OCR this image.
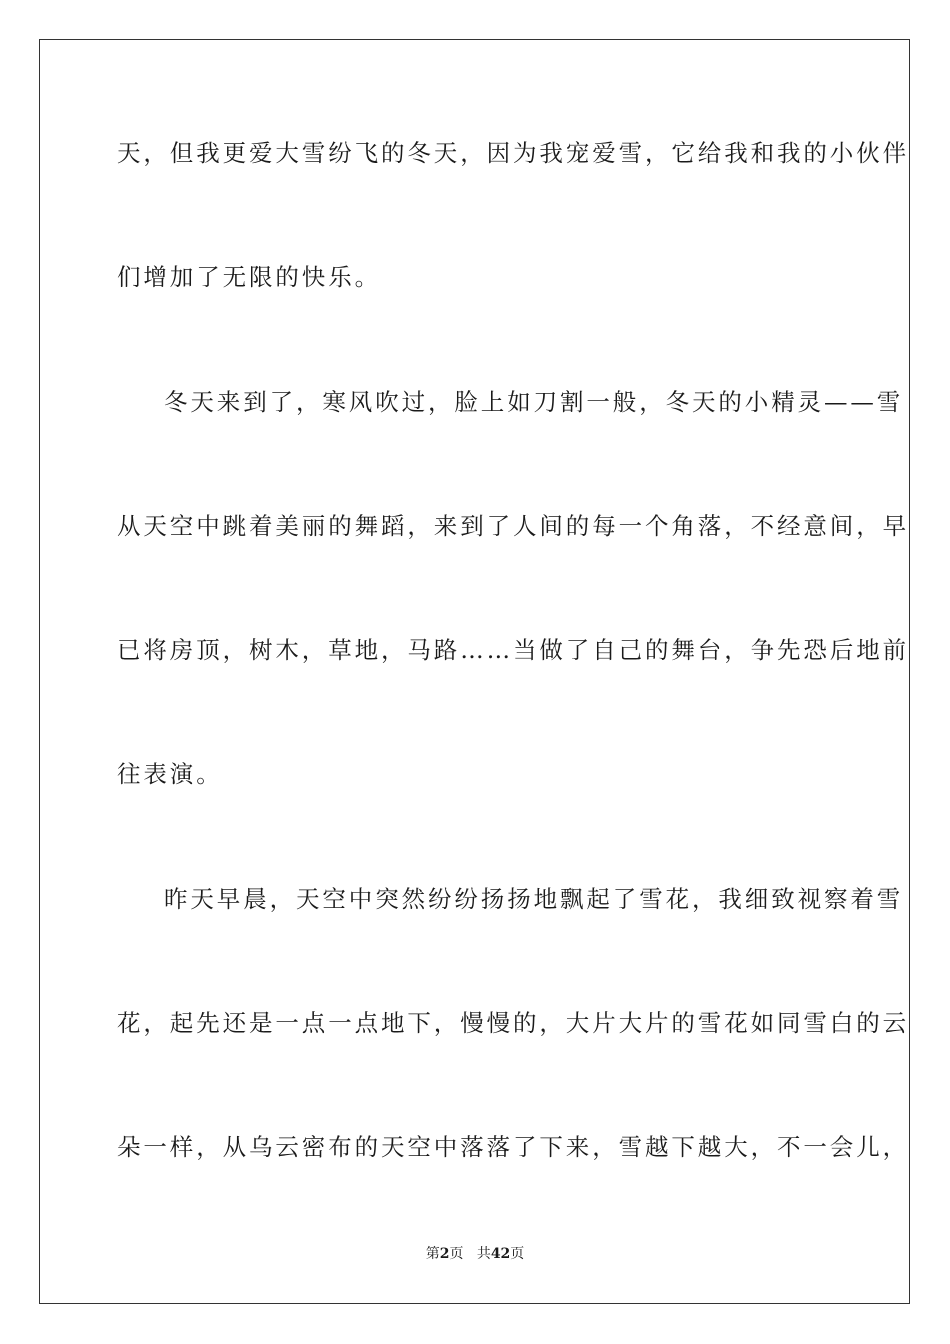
天，但我更爱大雪纷飞的冬天，因为我宠爱雪，它给我和我的小伙伴
们增加了无限的快乐。
冬天来到了，寒风吹过，脸上如刀割一般，冬天的小精灵——雪
从天空中跳着美丽的舞蹈，来到了人间的每一个角落，不经意间，早
已将房顶，树木，草地，马路……当做了自己的舞台，争先恐后地前
往表演。
昨天早晨，天空中突然纷纷扬扬地飘起了雪花，我细致视察着雪
花，起先还是一点一点地下，慢慢的，大片大片的雪花如同雪白的云
朵一样，从乌云密布的天空中落落了下来，雪越下越大，不一会儿，
第2页 共42页
